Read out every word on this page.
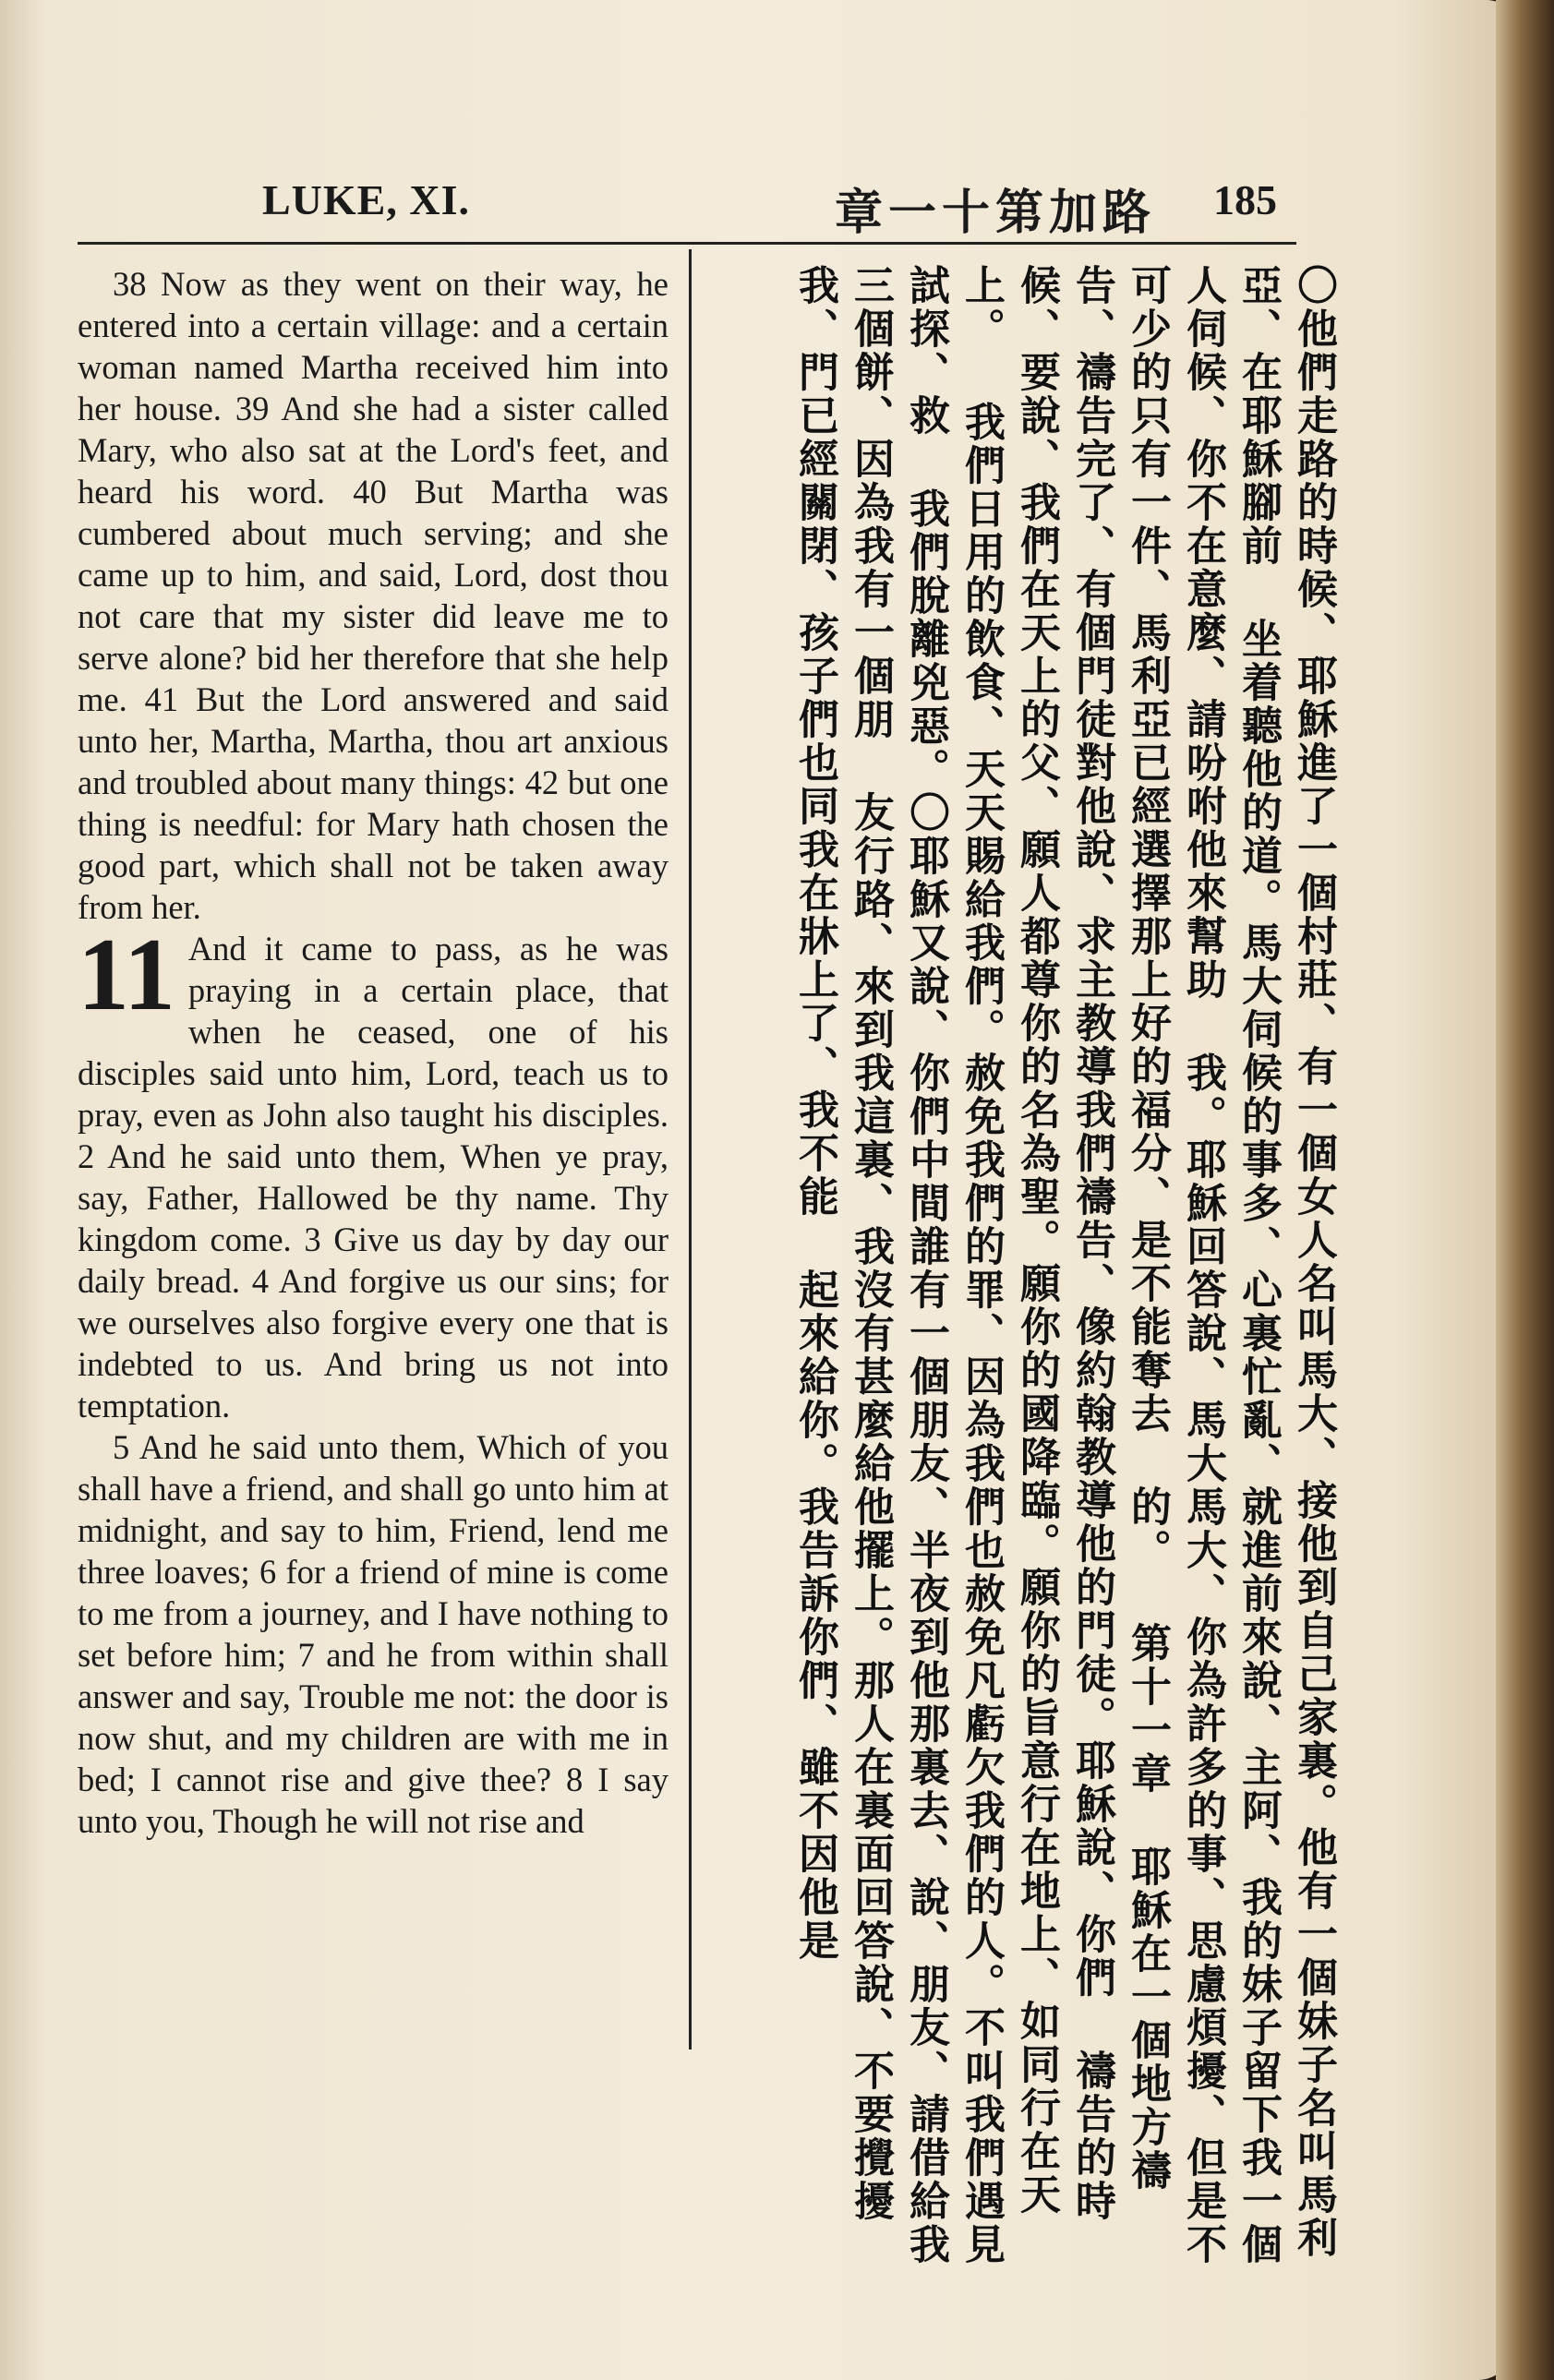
LUKE, XI.	章一十第加路 185

38 Now as they went on their way, he entered into a certain village: and a certain woman named Martha received him into her house. 39 And she had a sister called Mary, who also sat at the Lord's feet, and heard his word. 40 But Martha was cumbered about much serving; and she came up to him, and said, Lord, dost thou not care that my sister did leave me to serve alone? bid her therefore that she help me. 41 But the Lord answered and said unto her, Martha, Martha, thou art anxious and troubled about many things: 42 but one thing is needful: for Mary hath chosen the good part, which shall not be taken away from her.

11 And it came to pass, as he was praying in a certain place, that when he ceased, one of his disciples said unto him, Lord, teach us to pray, even as John also taught his disciples. 2 And he said unto them, When ye pray, say, Father, Hallowed be thy name. Thy kingdom come. 3 Give us day by day our daily bread. 4 And forgive us our sins; for we ourselves also forgive every one that is indebted to us. And bring us not into temptation.

5 And he said unto them, Which of you shall have a friend, and shall go unto him at midnight, and say to him, Friend, lend me three loaves; 6 for a friend of mine is come to me from a journey, and I have nothing to set before him; 7 and he from within shall answer and say, Trouble me not: the door is now shut, and my children are with me in bed; I cannot rise and give thee? 8 I say unto you, Though he will not rise and	〇他們走路的時候、耶穌進了一個村莊、有一個女人名叫馬大、接他到自己家裏。他有一個妹子名叫馬利亞、在耶穌腳前 坐着聽他的道。馬大伺候的事多、心裏忙亂、就進前來說、主阿、我的妹子留下我一個人伺候、你不在意麼、請吩咐他來幫助 我。耶穌回答說、馬大馬大、你為許多的事、思慮煩擾、但是不可少的只有一件、馬利亞已經選擇那上好的福分、是不能奪去 的。 第十一章 耶穌在一個地方禱告、禱告完了、有個門徒對他說、求主教導我們禱告、像約翰教導他的門徒。耶穌說、你們 禱告的時候、要說、我們在天上的父、願人都尊你的名為聖。願你的國降臨。願你的旨意行在地上、如同行在天上。 我們日用的飲食、天天賜給我們。赦免我們的罪、因為我們也赦免凡虧欠我們的人。不叫我們遇見試探、救 我們脫離兇惡。〇耶穌又說、你們中間誰有一個朋友、半夜到他那裏去、說、朋友、請借給我三個餅、因為我有一個朋 友行路、來到我這裏、我沒有甚麼給他擺上。那人在裏面回答說、不要攪擾我、門已經關閉、孩子們也同我在牀上了、我不能 起來給你。我告訴你們、雖不因他是
